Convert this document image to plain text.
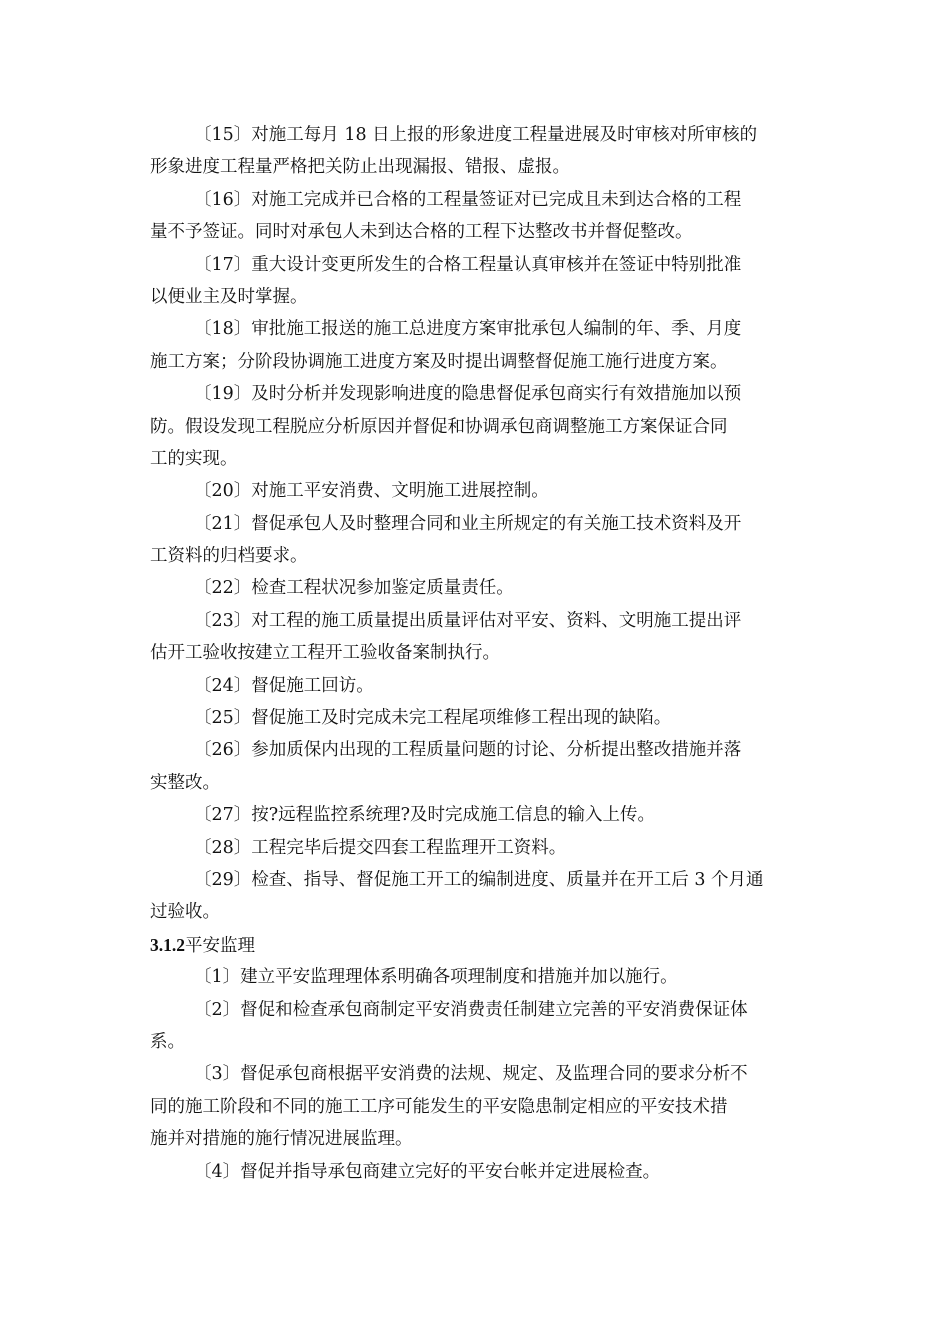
〔15〕对施工每月 18 日上报的形象进度工程量进展及时审核对所审核的
形象进度工程量严格把关防止出现漏报、错报、虚报。
〔16〕对施工完成并已合格的工程量签证对已完成且未到达合格的工程
量不予签证。同时对承包人未到达合格的工程下达整改书并督促整改。
〔17〕重大设计变更所发生的合格工程量认真审核并在签证中特别批准
以便业主及时掌握。
〔18〕审批施工报送的施工总进度方案审批承包人编制的年、季、月度
施工方案；分阶段协调施工进度方案及时提出调整督促施工施行进度方案。
〔19〕及时分析并发现影响进度的隐患督促承包商实行有效措施加以预
防。假设发现工程脱应分析原因并督促和协调承包商调整施工方案保证合同
工的实现。
〔20〕对施工平安消费、文明施工进展控制。
〔21〕督促承包人及时整理合同和业主所规定的有关施工技术资料及开
工资料的归档要求。
〔22〕检查工程状况参加鉴定质量责任。
〔23〕对工程的施工质量提出质量评估对平安、资料、文明施工提出评
估开工验收按建立工程开工验收备案制执行。
〔24〕督促施工回访。
〔25〕督促施工及时完成未完工程尾项维修工程出现的缺陷。
〔26〕参加质保内出现的工程质量问题的讨论、分析提出整改措施并落
实整改。
〔27〕按?远程监控系统理?及时完成施工信息的输入上传。
〔28〕工程完毕后提交四套工程监理开工资料。
〔29〕检查、指导、督促施工开工的编制进度、质量并在开工后 3 个月通
过验收。
3.1.2平安监理
〔1〕建立平安监理理体系明确各项理制度和措施并加以施行。
〔2〕督促和检查承包商制定平安消费责任制建立完善的平安消费保证体
系。
〔3〕督促承包商根据平安消费的法规、规定、及监理合同的要求分析不
同的施工阶段和不同的施工工序可能发生的平安隐患制定相应的平安技术措
施并对措施的施行情况进展监理。
〔4〕督促并指导承包商建立完好的平安台帐并定进展检查。
